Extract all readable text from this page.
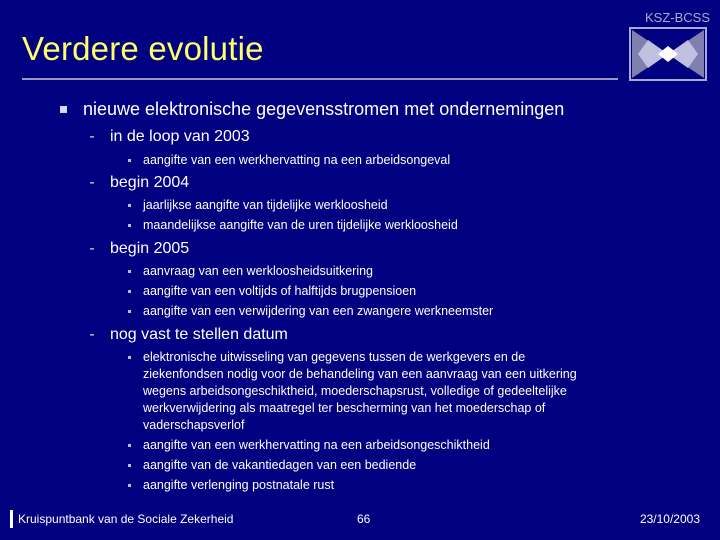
KSZ-BCSS
Verdere evolutie
nieuwe elektronische gegevensstromen met ondernemingen
- in de loop van 2003
aangifte van een werkhervatting na een arbeidsongeval
- begin 2004
jaarlijkse aangifte van tijdelijke werkloosheid
maandelijkse aangifte van de uren tijdelijke werkloosheid
- begin 2005
aanvraag van een werkloosheidsuitkering
aangifte van een voltijds of halftijds brugpensioen
aangifte van een verwijdering van een zwangere werkneemster
- nog vast te stellen datum
elektronische uitwisseling van gegevens tussen de werkgevers en de ziekenfondsen nodig voor de behandeling van een aanvraag van een uitkering wegens arbeidsongeschiktheid, moederschapsrust, volledige of gedeeltelijke werkverwijdering als maatregel ter bescherming van het moederschap of vaderschapsverlof
aangifte van een werkhervatting na een arbeidsongeschiktheid
aangifte van de vakantiedagen van een bediende
aangifte verlenging postnatale rust
Kruispuntbank van de Sociale Zekerheid	66	23/10/2003
